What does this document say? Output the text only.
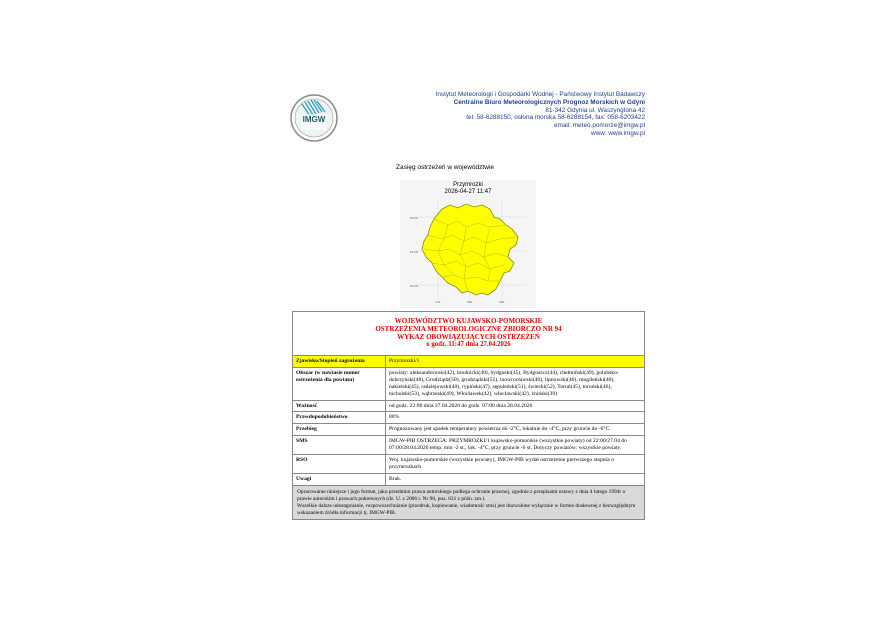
IMGW
Instytut Meteorologii i Gospodarki Wodnej - Państwowy Instytut Badawczy
Centralne Biuro Meteorologicznych Prognoz Morskich w Gdyni
81-342 Gdynia ul. Waszyngtona 42
tel: 58-6288150, osłona morska 58-6288154, fax: 058-6203422
email: meteo.pomorze@imgw.pl
www: www.imgw.pl
Zasięg ostrzeżeń w województwie
Przymrozki
2026-04-27 11:47
53.5N
53.0N
52.5N
17E	18E	19E
WOJEWÓDZTWO KUJAWSKO-POMORSKIE
OSTRZEŻENIA METEOROLOGICZNE ZBIORCZO NR 94
WYKAZ OBOWIĄZUJĄCYCH OSTRZEŻEŃ
o godz. 11:47 dnia 27.04.2026	

Zjawisko/Stopień zagrożenia	Przymrozki/1
Obszar (w nawiasie numer ostrzeżenia dla powiatu)	powiaty: aleksandrowski(42), brodnicki(49), bydgoski(45), Bydgoszcz(44), chełmiński(49), golubsko-dobrzyński(48), Grudziądz(50), grudziądzki(51), inowrocławski(40), lipnowski(46), mogileński(40), nakielski(45), radziejowski(40), rypiński(47), sępoleński(51), świecki(52), Toruń(45), toruński(46), tucholski(53), wąbrzeski(49), Włocławek(42), włocławski(42), żniński(39)
Ważność	od godz. 22:00 dnia 27.04.2026 do godz. 07:00 dnia 28.04.2026
Prawdopodobieństwo	80%
Przebieg	Prognozowany jest spadek temperatury powietrza do -2°C, lokalnie do -4°C, przy gruncie do -6°C.
SMS	IMGW-PIB OSTRZEGA: PRZYMROZKI/1 kujawsko-pomorskie (wszystkie powiaty) od 22:00/27.04 do 07:00/28.04.2026 temp. min -2 st., lok. -4°C, przy gruncie -6 st. Dotyczy powiatów: wszystkie powiaty.
RSO	Woj. kujawsko-pomorskie (wszystkie powiaty), IMGW-PIB wydał ostrzeżenie pierwszego stopnia o przymrozkach
Uwagi	Brak.

Opracowanie niniejsze i jego format, jako przedmiot prawa autorskiego podlega ochronie prawnej, zgodnie z przepisami ustawy z dnia 4 lutego 1994r o prawie autorskim i prawach pokrewnych (dz. U. z 2006 r. Nr 90, poz. 631 z późn. zm.).
Wszelkie dalsze udostępnianie, rozpowszechnianie (przedruk, kopiowanie, wiadomość sms) jest dozwolone wyłącznie w formie dosłownej z bezwzględnym wskazaniem źródła informacji tj. IMGW-PIB.	
